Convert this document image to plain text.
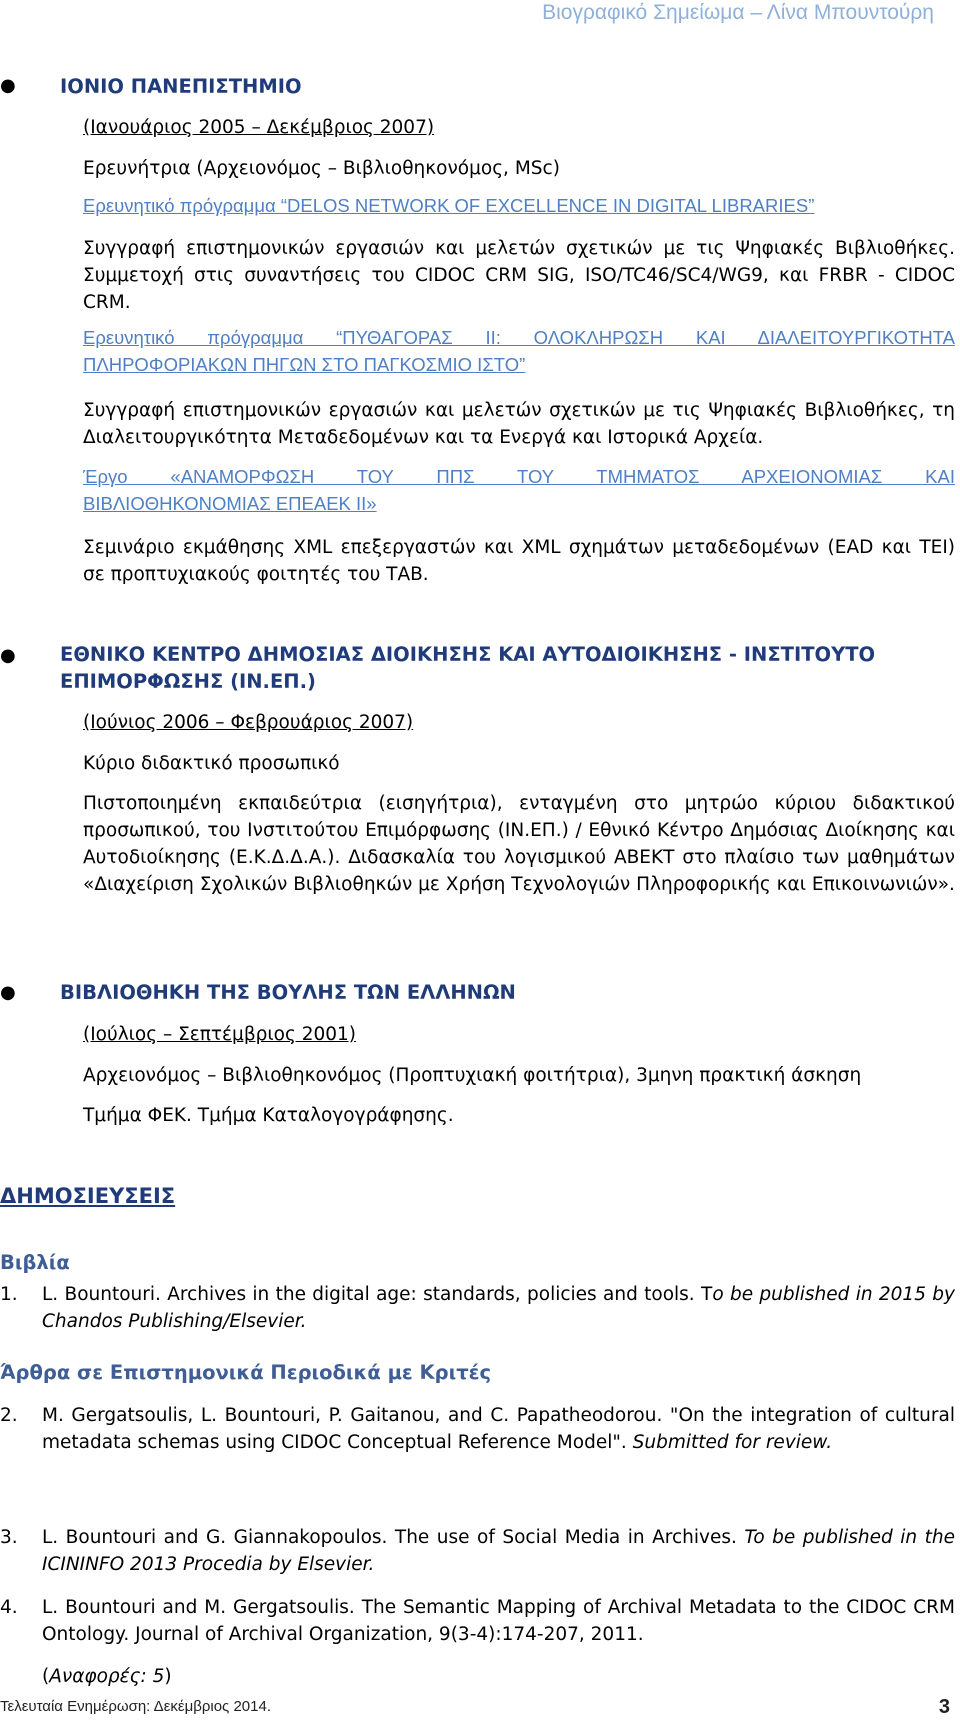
Βιογραφικό Σημείωμα – Λίνα Μπουντούρη
● ΙΟΝΙΟ ΠΑΝΕΠΙΣΤΗΜΙΟ
(Ιανουάριος 2005 – Δεκέμβριος 2007)
Ερευνήτρια (Αρχειονόμος – Βιβλιοθηκονόμος, MSc)
Ερευνητικό πρόγραμμα “DELOS NETWORK OF EXCELLENCE IN DIGITAL LIBRARIES”
Συγγραφή επιστημονικών εργασιών και μελετών σχετικών με τις Ψηφιακές Βιβλιοθήκες. Συμμετοχή στις συναντήσεις του CIDOC CRM SIG, ISO/TC46/SC4/WG9, και FRBR - CIDOC CRM.
Ερευνητικό πρόγραμμα “ΠΥΘΑΓΟΡΑΣ ΙΙ: ΟΛΟΚΛΗΡΩΣΗ ΚΑΙ ΔΙΑΛΕΙΤΟΥΡΓΙΚΟΤΗΤΑ
ΠΛΗΡΟΦΟΡΙΑΚΩΝ ΠΗΓΩΝ ΣΤΟ ΠΑΓΚΟΣΜΙΟ ΙΣΤΟ”
Συγγραφή επιστημονικών εργασιών και μελετών σχετικών με τις Ψηφιακές Βιβλιοθήκες, τη Διαλειτουργικότητα Μεταδεδομένων και τα Ενεργά και Ιστορικά Αρχεία.
Έργο «ΑΝΑΜΟΡΦΩΣΗ ΤΟΥ ΠΠΣ ΤΟΥ ΤΜΗΜΑΤΟΣ ΑΡΧΕΙΟΝΟΜΙΑΣ ΚΑΙ
ΒΙΒΛΙΟΘΗΚΟΝΟΜΙΑΣ ΕΠΕΑΕΚ ΙΙ»
Σεμινάριο εκμάθησης XML επεξεργαστών και XML σχημάτων μεταδεδομένων (EAD και TEI) σε προπτυχιακούς φοιτητές του ΤΑΒ.
● ΕΘΝΙΚΟ ΚΕΝΤΡΟ ΔΗΜΟΣΙΑΣ ΔΙΟΙΚΗΣΗΣ ΚΑΙ ΑΥΤΟΔΙΟΙΚΗΣΗΣ - ΙΝΣΤΙΤΟΥΤΟ ΕΠΙΜΟΡΦΩΣΗΣ (ΙΝ.ΕΠ.)
(Ιούνιος 2006 – Φεβρουάριος 2007)
Κύριο διδακτικό προσωπικό
Πιστοποιημένη εκπαιδεύτρια (εισηγήτρια), ενταγμένη στο μητρώο κύριου διδακτικού προσωπικού, του Ινστιτούτου Επιμόρφωσης (ΙΝ.ΕΠ.) / Εθνικό Κέντρο Δημόσιας Διοίκησης και Αυτοδιοίκησης (Ε.Κ.Δ.Δ.Α.). Διδασκαλία του λογισμικού ΑΒΕΚΤ στο πλαίσιο των μαθημάτων «Διαχείριση Σχολικών Βιβλιοθηκών με Χρήση Τεχνολογιών Πληροφορικής και Επικοινωνιών».
● ΒΙΒΛΙΟΘΗΚΗ ΤΗΣ ΒΟΥΛΗΣ ΤΩΝ ΕΛΛΗΝΩΝ
(Ιούλιος – Σεπτέμβριος 2001)
Αρχειονόμος – Βιβλιοθηκονόμος (Προπτυχιακή φοιτήτρια), 3μηνη πρακτική άσκηση
Τμήμα ΦΕΚ. Τμήμα Καταλογογράφησης.
ΔΗΜΟΣΙΕΥΣΕΙΣ
Βιβλία
1. L. Bountouri. Archives in the digital age: standards, policies and tools. To be published in 2015 by Chandos Publishing/Elsevier.
Άρθρα σε Επιστημονικά Περιοδικά με Κριτές
2. M. Gergatsoulis, L. Bountouri, P. Gaitanou, and C. Papatheodorou. "On the integration of cultural metadata schemas using CIDOC Conceptual Reference Model". Submitted for review.
3. L. Bountouri and G. Giannakopoulos. The use of Social Media in Archives. To be published in the ICININFO 2013 Procedia by Elsevier.
4. L. Bountouri and M. Gergatsoulis. The Semantic Mapping of Archival Metadata to the CIDOC CRM Ontology. Journal of Archival Organization, 9(3-4):174-207, 2011.
(Αναφορές: 5)
Τελευταία Ενημέρωση: Δεκέμβριος 2014.	3
